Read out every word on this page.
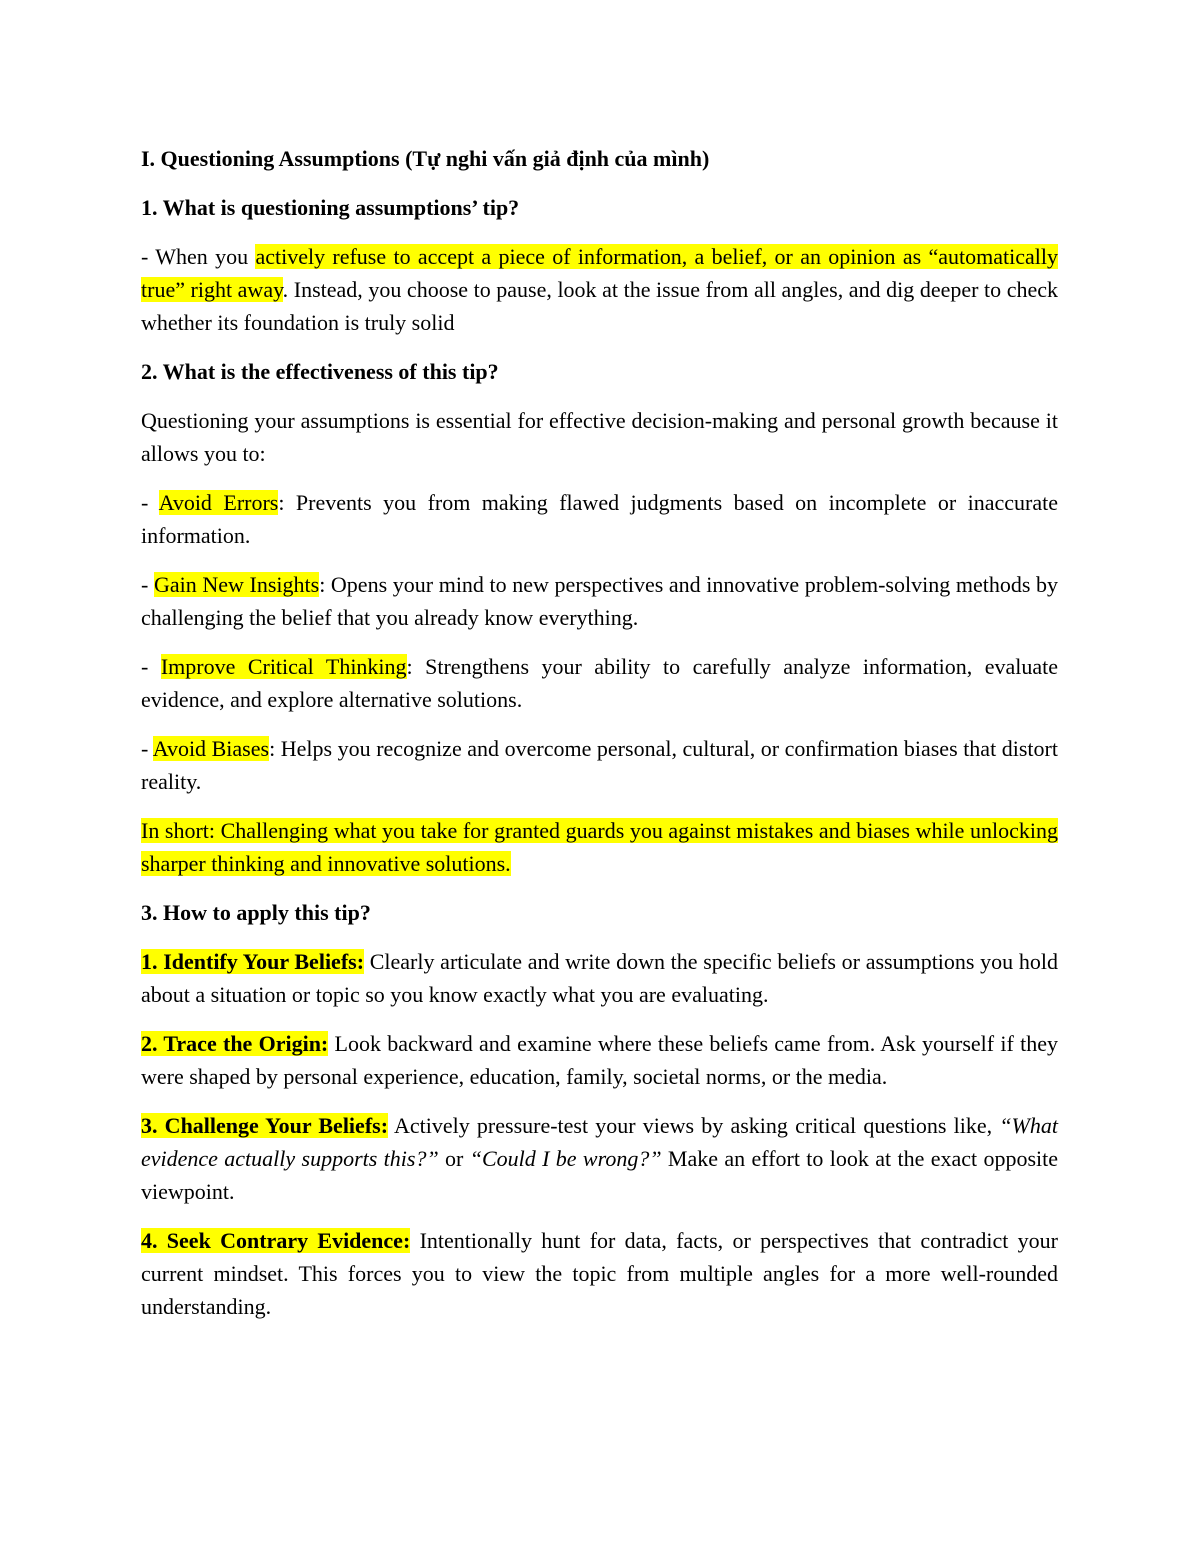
I. Questioning Assumptions (Tự nghi vấn giả định của mình)

1. What is questioning assumptions’ tip?

- When you actively refuse to accept a piece of information, a belief, or an opinion as “automatically true” right away. Instead, you choose to pause, look at the issue from all angles, and dig deeper to check whether its foundation is truly solid

2. What is the effectiveness of this tip?

Questioning your assumptions is essential for effective decision-making and personal growth because it allows you to:

- Avoid Errors: Prevents you from making flawed judgments based on incomplete or inaccurate information.

- Gain New Insights: Opens your mind to new perspectives and innovative problem-solving methods by challenging the belief that you already know everything.

- Improve Critical Thinking: Strengthens your ability to carefully analyze information, evaluate evidence, and explore alternative solutions.

- Avoid Biases: Helps you recognize and overcome personal, cultural, or confirmation biases that distort reality.

In short: Challenging what you take for granted guards you against mistakes and biases while unlocking sharper thinking and innovative solutions.

3. How to apply this tip?

1. Identify Your Beliefs: Clearly articulate and write down the specific beliefs or assumptions you hold about a situation or topic so you know exactly what you are evaluating.

2. Trace the Origin: Look backward and examine where these beliefs came from. Ask yourself if they were shaped by personal experience, education, family, societal norms, or the media.

3. Challenge Your Beliefs: Actively pressure-test your views by asking critical questions like, “What evidence actually supports this?” or “Could I be wrong?” Make an effort to look at the exact opposite viewpoint.

4. Seek Contrary Evidence: Intentionally hunt for data, facts, or perspectives that contradict your current mindset. This forces you to view the topic from multiple angles for a more well-rounded understanding.
